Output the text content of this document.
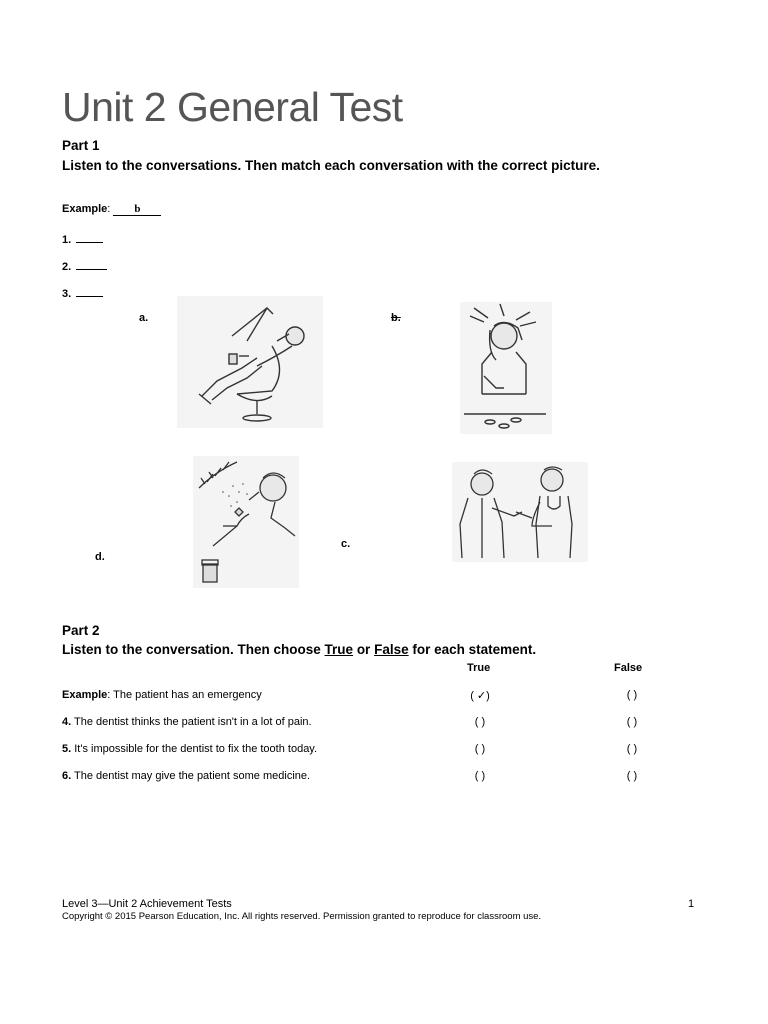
Unit 2 General Test
Part 1
Listen to the conversations. Then match each conversation with the correct picture.
Example: b
1.
2.
3.
a.	b.
c.
d.
Part 2
Listen to the conversation. Then choose True or False for each statement.
True	False
Example: The patient has an emergency	( ✓)	( )
4. The dentist thinks the patient isn't in a lot of pain.	( )	( )
5. It's impossible for the dentist to fix the tooth today.	( )	( )
6. The dentist may give the patient some medicine.	( )	( )
Level 3—Unit 2 Achievement Tests
Copyright © 2015 Pearson Education, Inc. All rights reserved. Permission granted to reproduce for classroom use.
1
